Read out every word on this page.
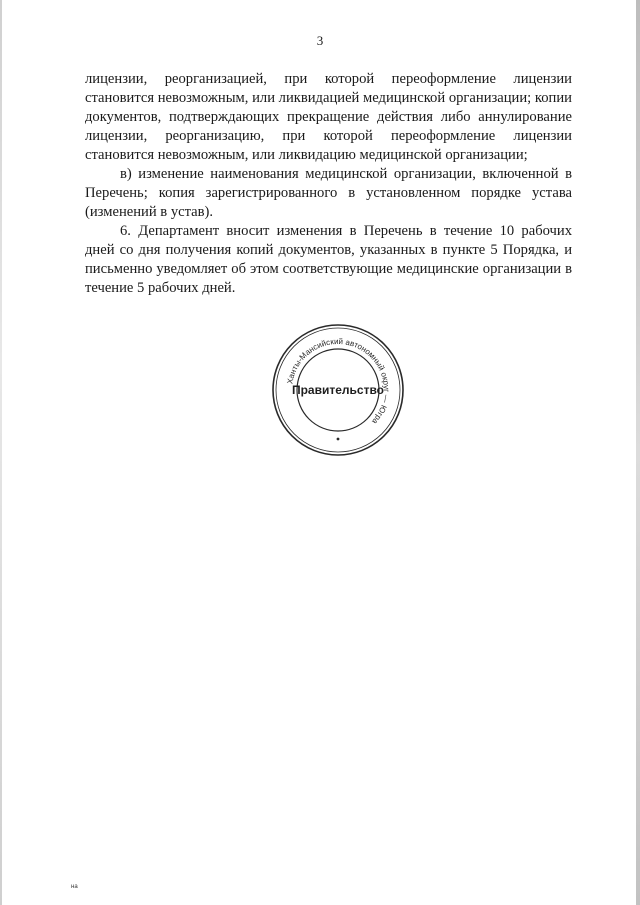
3

лицензии, реорганизацией, при которой переоформление лицензии становится невозможным, или ликвидацией медицинской организации; копии документов, подтверждающих прекращение действия либо аннулирование лицензии, реорганизацию, при которой переоформление лицензии становится невозможным, или ликвидацию медицинской организации;

в) изменение наименования медицинской организации, включенной в Перечень; копия зарегистрированного в установленном порядке устава (изменений в устав).

6. Департамент вносит изменения в Перечень в течение 10 рабочих дней со дня получения копий документов, указанных в пункте 5 Порядка, и письменно уведомляет об этом соответствующие медицинские организации в течение 5 рабочих дней.

Ханты-Мансийский автономный округ — Югра
Правительство
на
